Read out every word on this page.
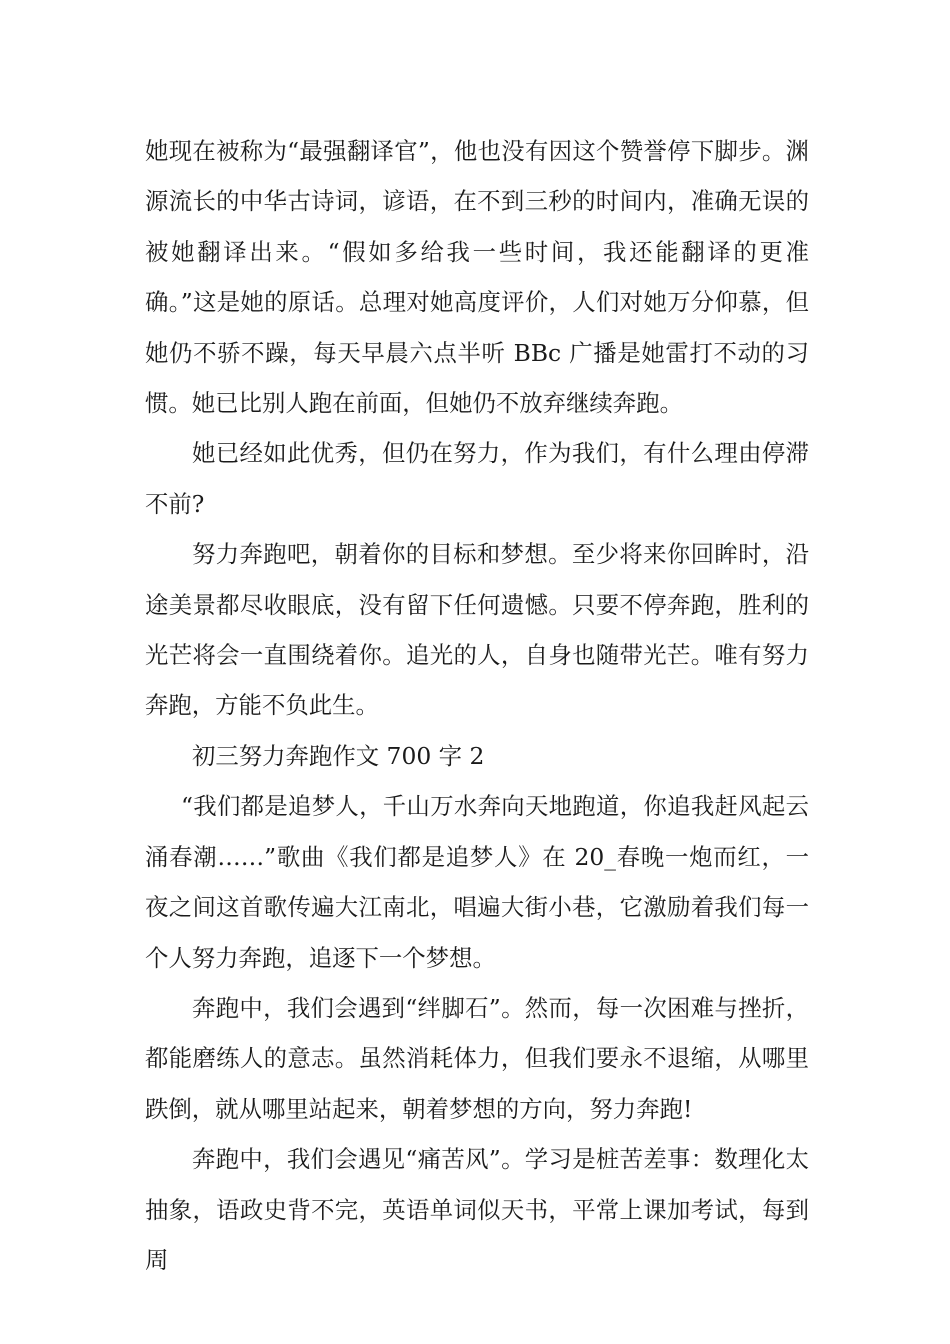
她现在被称为“最强翻译官”，他也没有因这个赞誉停下脚步。渊源流长的中华古诗词，谚语，在不到三秒的时间内，准确无误的被她翻译出来。“假如多给我一些时间，我还能翻译的更准确。”这是她的原话。总理对她高度评价，人们对她万分仰慕，但她仍不骄不躁，每天早晨六点半听 BBc 广播是她雷打不动的习惯。她已比别人跑在前面，但她仍不放弃继续奔跑。

她已经如此优秀，但仍在努力，作为我们，有什么理由停滞不前?

努力奔跑吧，朝着你的目标和梦想。至少将来你回眸时，沿途美景都尽收眼底，没有留下任何遗憾。只要不停奔跑，胜利的光芒将会一直围绕着你。追光的人，自身也随带光芒。唯有努力奔跑，方能不负此生。

初三努力奔跑作文 700 字 2

“我们都是追梦人，千山万水奔向天地跑道，你追我赶风起云涌春潮……”歌曲《我们都是追梦人》在 20_春晚一炮而红，一夜之间这首歌传遍大江南北，唱遍大街小巷，它激励着我们每一个人努力奔跑，追逐下一个梦想。

奔跑中，我们会遇到“绊脚石”。然而，每一次困难与挫折，都能磨练人的意志。虽然消耗体力，但我们要永不退缩，从哪里跌倒，就从哪里站起来，朝着梦想的方向，努力奔跑!

奔跑中，我们会遇见“痛苦风”。学习是桩苦差事：数理化太抽象，语政史背不完，英语单词似天书，平常上课加考试，每到周
